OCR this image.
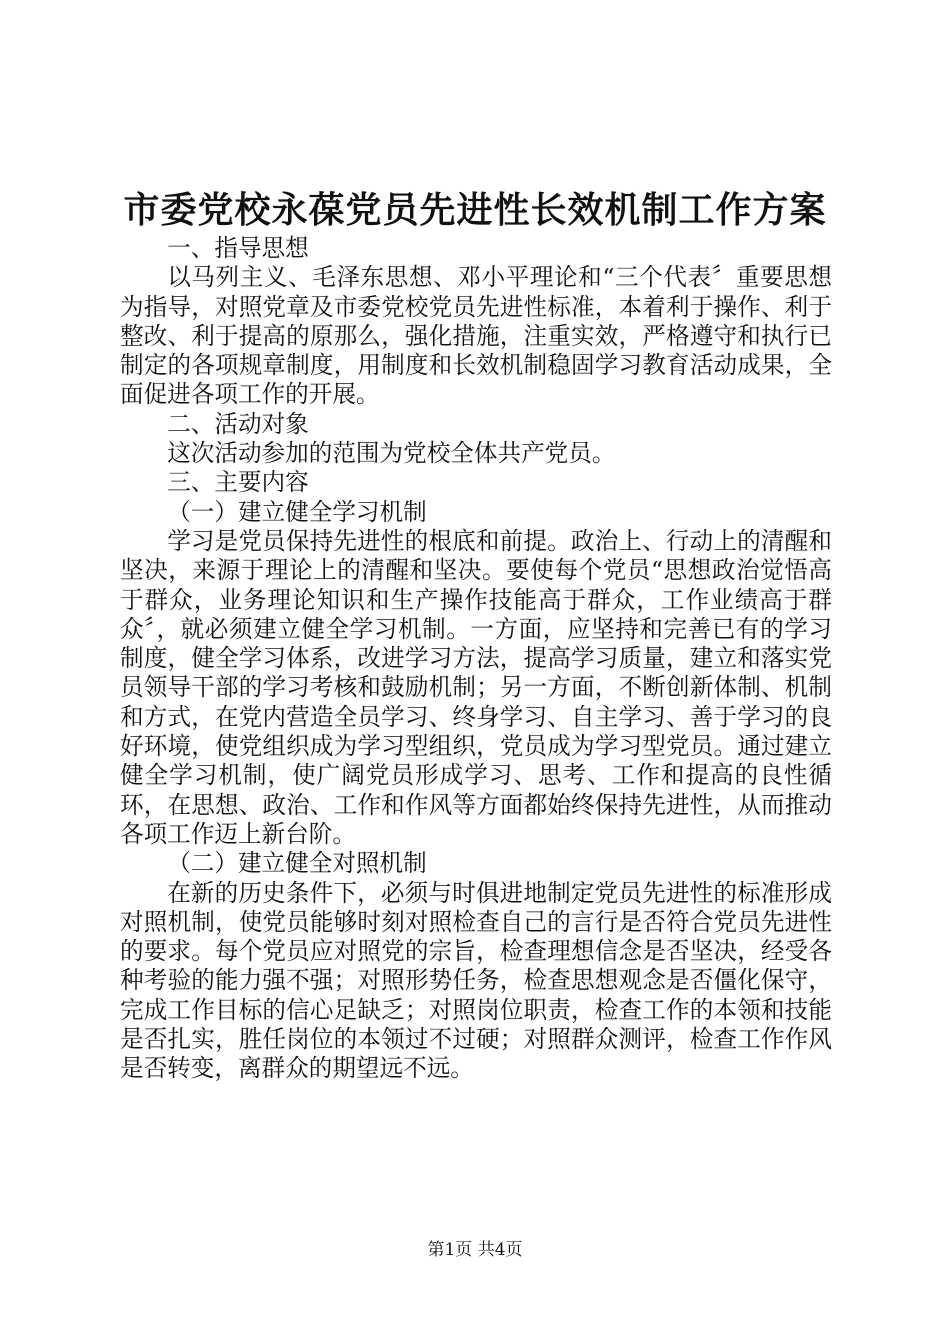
市委党校永葆党员先进性长效机制工作方案

一、指导思想

以马列主义、毛泽东思想、邓小平理论和“三个代表〞重要思想为指导，对照党章及市委党校党员先进性标准，本着利于操作、利于整改、利于提高的原那么，强化措施，注重实效，严格遵守和执行已制定的各项规章制度，用制度和长效机制稳固学习教育活动成果，全面促进各项工作的开展。

二、活动对象

这次活动参加的范围为党校全体共产党员。

三、主要内容

（一）建立健全学习机制

学习是党员保持先进性的根底和前提。政治上、行动上的清醒和坚决，来源于理论上的清醒和坚决。要使每个党员“思想政治觉悟高于群众，业务理论知识和生产操作技能高于群众，工作业绩高于群众〞，就必须建立健全学习机制。一方面，应坚持和完善已有的学习制度，健全学习体系，改进学习方法，提高学习质量，建立和落实党员领导干部的学习考核和鼓励机制；另一方面，不断创新体制、机制和方式，在党内营造全员学习、终身学习、自主学习、善于学习的良好环境，使党组织成为学习型组织，党员成为学习型党员。通过建立健全学习机制，使广阔党员形成学习、思考、工作和提高的良性循环，在思想、政治、工作和作风等方面都始终保持先进性，从而推动各项工作迈上新台阶。

（二）建立健全对照机制

在新的历史条件下，必须与时俱进地制定党员先进性的标准形成对照机制，使党员能够时刻对照检查自己的言行是否符合党员先进性的要求。每个党员应对照党的宗旨，检查理想信念是否坚决，经受各种考验的能力强不强；对照形势任务，检查思想观念是否僵化保守，完成工作目标的信心足缺乏；对照岗位职责，检查工作的本领和技能是否扎实，胜任岗位的本领过不过硬；对照群众测评，检查工作作风是否转变，离群众的期望远不远。

第1页 共4页
